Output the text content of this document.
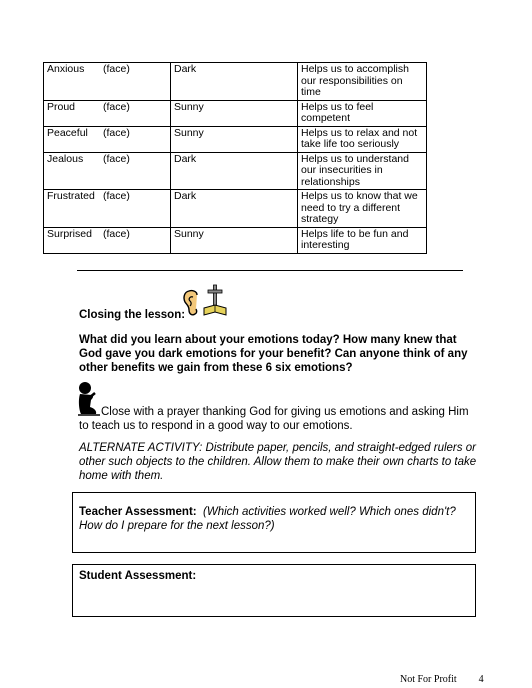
Anxious (face)	Dark	Helps us to accomplish our responsibilities on time
Proud (face)	Sunny	Helps us to feel competent
Peaceful (face)	Sunny	Helps us to relax and not take life too seriously
Jealous (face)	Dark	Helps us to understand our insecurities in relationships
Frustrated (face)	Dark	Helps us to know that we need to try a different strategy
Surprised (face)	Sunny	Helps life to be fun and interesting
Closing the lesson:
What did you learn about your emotions today? How many knew that God gave you dark emotions for your benefit? Can anyone think of any other benefits we gain from these 6 six emotions?
Close with a prayer thanking God for giving us emotions and asking Him to teach us to respond in a good way to our emotions.
ALTERNATE ACTIVITY: Distribute paper, pencils, and straight-edged rulers or other such objects to the children. Allow them to make their own charts to take home with them.
Teacher Assessment: (Which activities worked well? Which ones didn't? How do I prepare for the next lesson?)
Student Assessment:
Not For Profit 4
